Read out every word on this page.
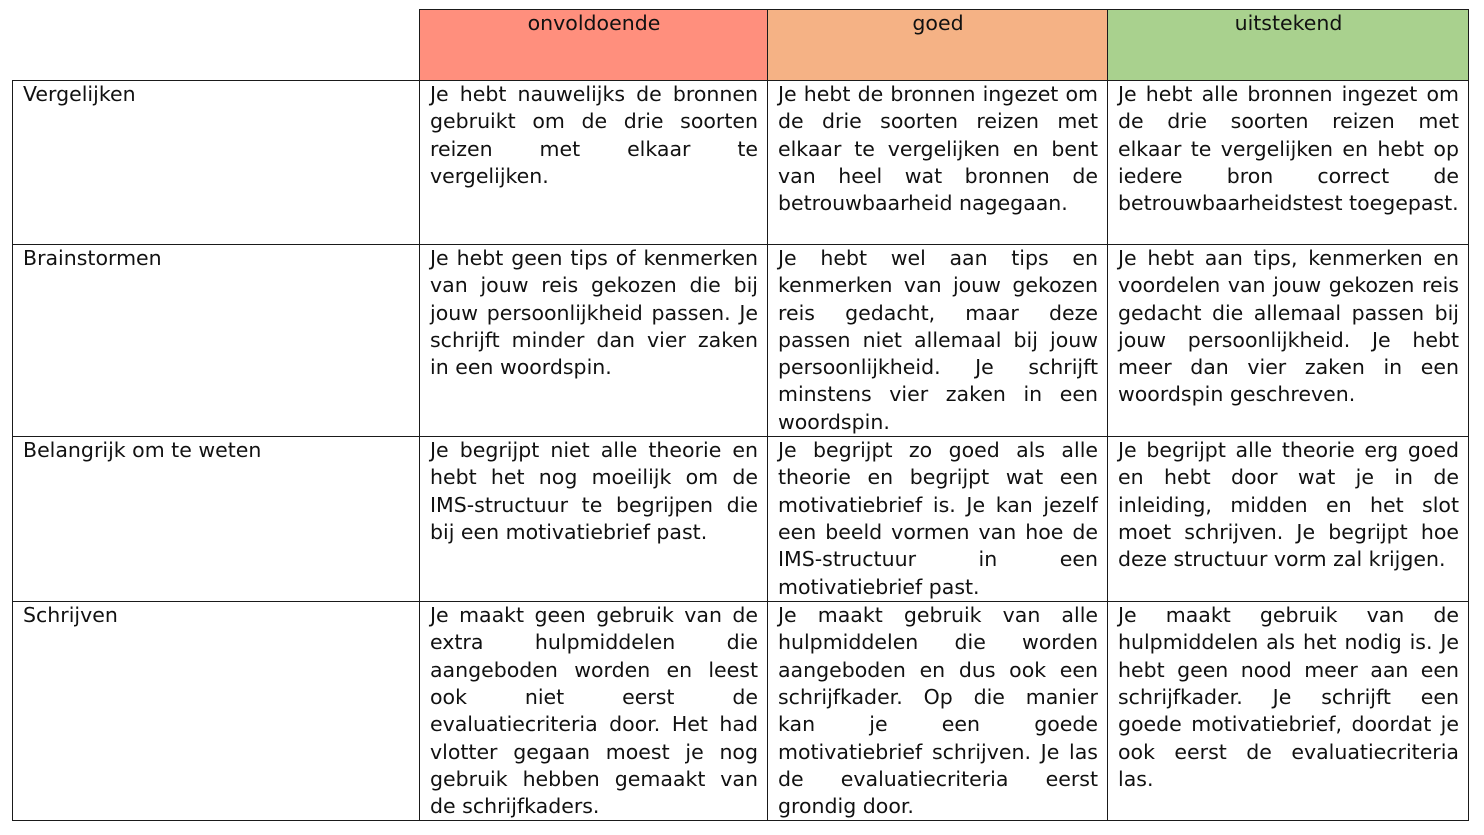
	onvoldoende	goed	uitstekend
Vergelijken	Je hebt nauwelijks de bronnen gebruikt om de drie soorten reizen met elkaar te vergelijken.	Je hebt de bronnen ingezet om de drie soorten reizen met elkaar te vergelijken en bent van heel wat bronnen de betrouwbaarheid nagegaan.	Je hebt alle bronnen ingezet om de drie soorten reizen met elkaar te vergelijken en hebt op iedere bron correct de betrouwbaarheidstest toegepast.
Brainstormen	Je hebt geen tips of kenmerken van jouw reis gekozen die bij jouw persoonlijkheid passen. Je schrijft minder dan vier zaken in een woordspin.	Je hebt wel aan tips en kenmerken van jouw gekozen reis gedacht, maar deze passen niet allemaal bij jouw persoonlijkheid. Je schrijft minstens vier zaken in een woordspin.	Je hebt aan tips, kenmerken en voordelen van jouw gekozen reis gedacht die allemaal passen bij jouw persoonlijkheid. Je hebt meer dan vier zaken in een woordspin geschreven.
Belangrijk om te weten	Je begrijpt niet alle theorie en hebt het nog moeilijk om de IMS-structuur te begrijpen die bij een motivatiebrief past.	Je begrijpt zo goed als alle theorie en begrijpt wat een motivatiebrief is. Je kan jezelf een beeld vormen van hoe de IMS-structuur in een motivatiebrief past.	Je begrijpt alle theorie erg goed en hebt door wat je in de inleiding, midden en het slot moet schrijven. Je begrijpt hoe deze structuur vorm zal krijgen.
Schrijven	Je maakt geen gebruik van de extra hulpmiddelen die aangeboden worden en leest ook niet eerst de evaluatiecriteria door. Het had vlotter gegaan moest je nog gebruik hebben gemaakt van de schrijfkaders.	Je maakt gebruik van alle hulpmiddelen die worden aangeboden en dus ook een schrijfkader. Op die manier kan je een goede motivatiebrief schrijven. Je las de evaluatiecriteria eerst grondig door.	Je maakt gebruik van de hulpmiddelen als het nodig is. Je hebt geen nood meer aan een schrijfkader. Je schrijft een goede motivatiebrief, doordat je ook eerst de evaluatiecriteria las.
